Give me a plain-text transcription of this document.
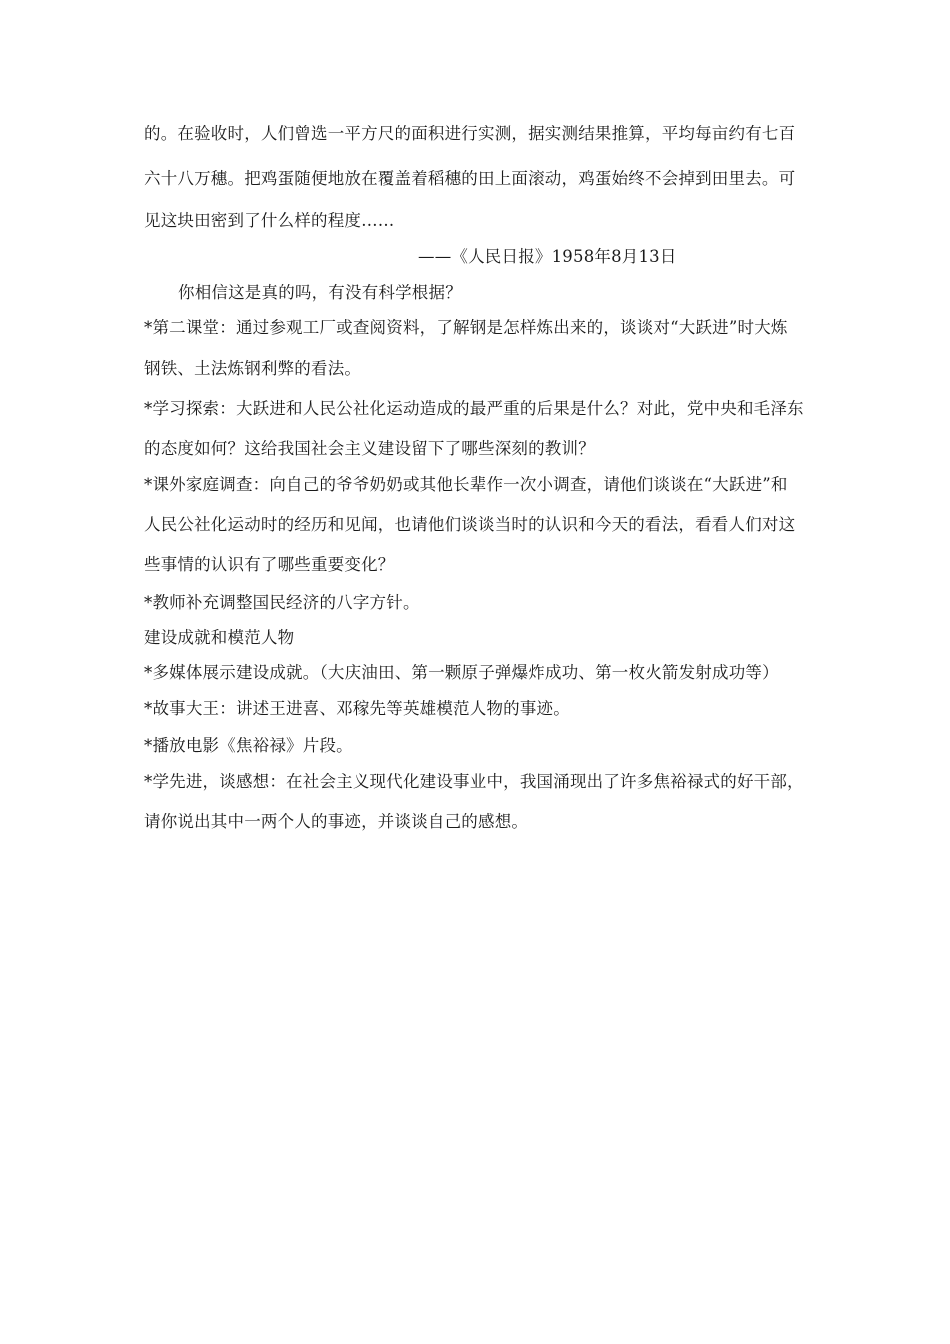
的。在验收时，人们曾选一平方尺的面积进行实测，据实测结果推算，平均每亩约有七百
六十八万穗。把鸡蛋随便地放在覆盖着稻穗的田上面滚动，鸡蛋始终不会掉到田里去。可
见这块田密到了什么样的程度……
——《人民日报》1958年8月13日
你相信这是真的吗，有没有科学根据？
*第二课堂：通过参观工厂或查阅资料，了解钢是怎样炼出来的，谈谈对“大跃进”时大炼
钢铁、土法炼钢利弊的看法。
*学习探索：大跃进和人民公社化运动造成的最严重的后果是什么？对此，党中央和毛泽东
的态度如何？这给我国社会主义建设留下了哪些深刻的教训？
*课外家庭调查：向自己的爷爷奶奶或其他长辈作一次小调查，请他们谈谈在“大跃进”和
人民公社化运动时的经历和见闻，也请他们谈谈当时的认识和今天的看法，看看人们对这
些事情的认识有了哪些重要变化？
*教师补充调整国民经济的八字方针。
建设成就和模范人物
*多媒体展示建设成就。（大庆油田、第一颗原子弹爆炸成功、第一枚火箭发射成功等）
*故事大王：讲述王进喜、邓稼先等英雄模范人物的事迹。
*播放电影《焦裕禄》片段。
*学先进，谈感想：在社会主义现代化建设事业中，我国涌现出了许多焦裕禄式的好干部，
请你说出其中一两个人的事迹，并谈谈自己的感想。
